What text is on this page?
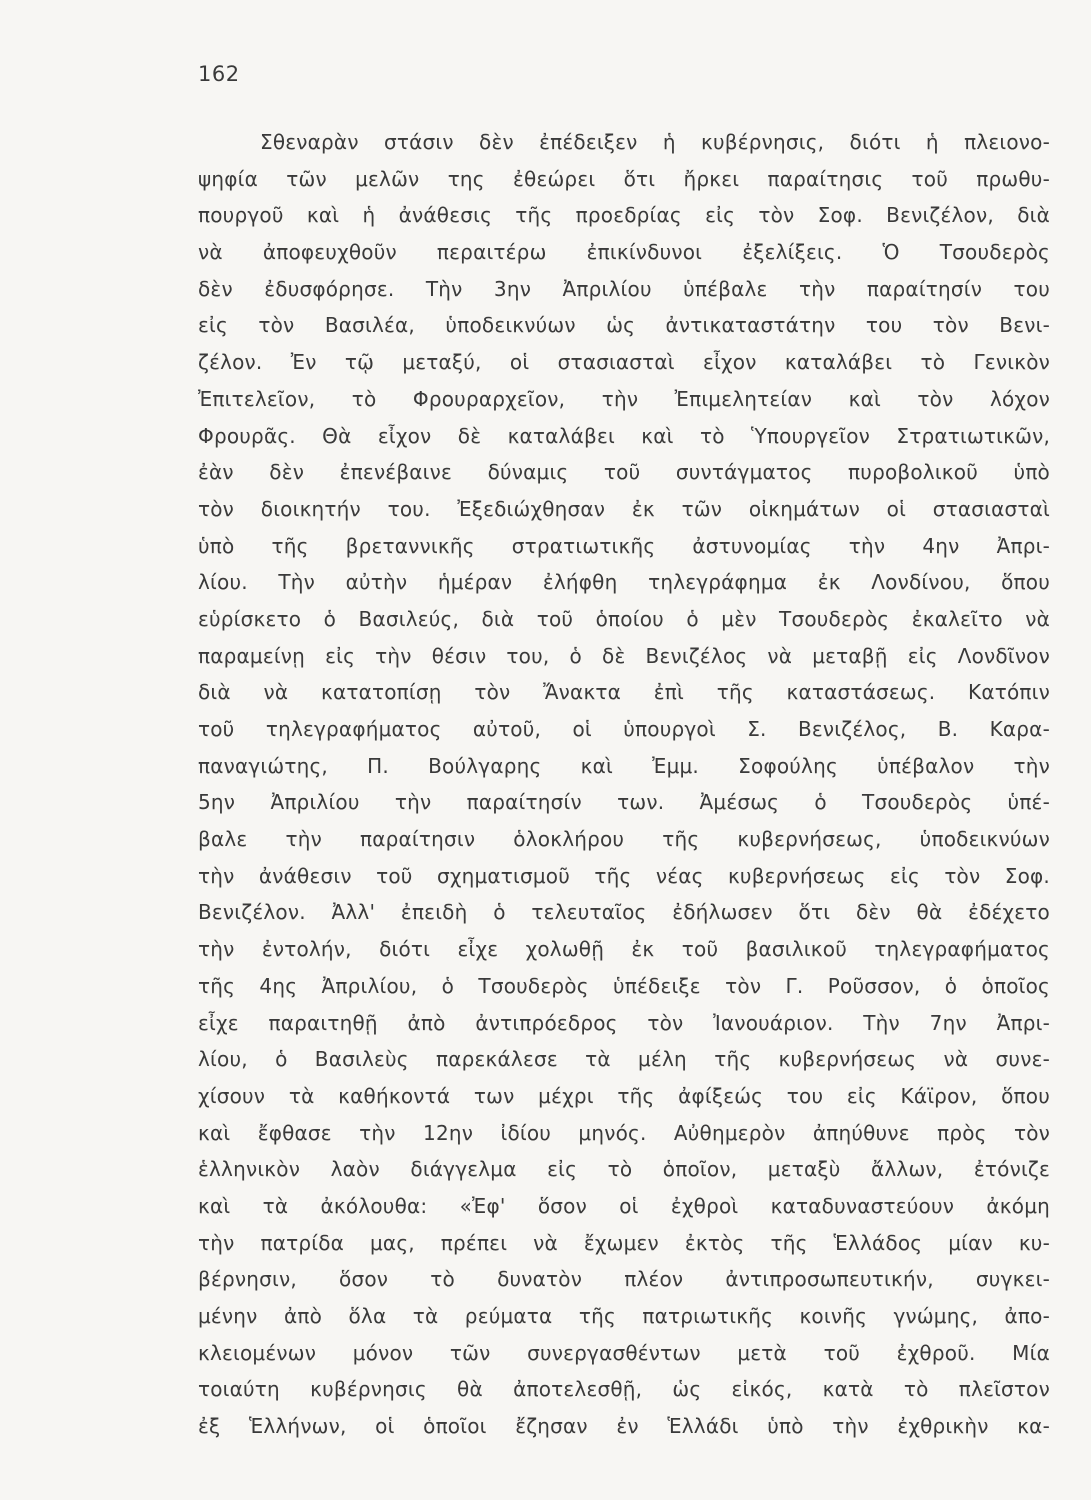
162
Σθεναρὰν στάσιν δὲν ἐπέδειξεν ἡ κυβέρνησις, διότι ἡ πλειονο-
ψηφία τῶν μελῶν της ἐθεώρει ὅτι ἤρκει παραίτησις τοῦ πρωθυ-
πουργοῦ καὶ ἡ ἀνάθεσις τῆς προεδρίας εἰς τὸν Σοφ. Βενιζέλον, διὰ
νὰ ἀποφευχθοῦν περαιτέρω ἐπικίνδυνοι ἐξελίξεις. Ὁ Τσουδερὸς
δὲν ἐδυσφόρησε. Τὴν 3ην Ἀπριλίου ὑπέβαλε τὴν παραίτησίν του
εἰς τὸν Βασιλέα, ὑποδεικνύων ὡς ἀντικαταστάτην του τὸν Βενι-
ζέλον. Ἐν τῷ μεταξύ, οἱ στασιασταὶ εἶχον καταλάβει τὸ Γενικὸν
Ἐπιτελεῖον, τὸ Φρουραρχεῖον, τὴν Ἐπιμελητείαν καὶ τὸν λόχον
Φρουρᾶς. Θὰ εἶχον δὲ καταλάβει καὶ τὸ Ὑπουργεῖον Στρατιωτικῶν,
ἐὰν δὲν ἐπενέβαινε δύναμις τοῦ συντάγματος πυροβολικοῦ ὑπὸ
τὸν διοικητήν του. Ἐξεδιώχθησαν ἐκ τῶν οἰκημάτων οἱ στασιασταὶ
ὑπὸ τῆς βρεταννικῆς στρατιωτικῆς ἀστυνομίας τὴν 4ην Ἀπρι-
λίου. Τὴν αὐτὴν ἡμέραν ἐλήφθη τηλεγράφημα ἐκ Λονδίνου, ὅπου
εὑρίσκετο ὁ Βασιλεύς, διὰ τοῦ ὁποίου ὁ μὲν Τσουδερὸς ἐκαλεῖτο νὰ
παραμείνῃ εἰς τὴν θέσιν του, ὁ δὲ Βενιζέλος νὰ μεταβῇ εἰς Λονδῖνον
διὰ νὰ κατατοπίσῃ τὸν Ἄνακτα ἐπὶ τῆς καταστάσεως. Κατόπιν
τοῦ τηλεγραφήματος αὐτοῦ, οἱ ὑπουργοὶ Σ. Βενιζέλος, Β. Καρα-
παναγιώτης, Π. Βούλγαρης καὶ Ἐμμ. Σοφούλης ὑπέβαλον τὴν
5ην Ἀπριλίου τὴν παραίτησίν των. Ἀμέσως ὁ Τσουδερὸς ὑπέ-
βαλε τὴν παραίτησιν ὁλοκλήρου τῆς κυβερνήσεως, ὑποδεικνύων
τὴν ἀνάθεσιν τοῦ σχηματισμοῦ τῆς νέας κυβερνήσεως εἰς τὸν Σοφ.
Βενιζέλον. Ἀλλ' ἐπειδὴ ὁ τελευταῖος ἐδήλωσεν ὅτι δὲν θὰ ἐδέχετο
τὴν ἐντολήν, διότι εἶχε χολωθῇ ἐκ τοῦ βασιλικοῦ τηλεγραφήματος
τῆς 4ης Ἀπριλίου, ὁ Τσουδερὸς ὑπέδειξε τὸν Γ. Ροῦσσον, ὁ ὁποῖος
εἶχε παραιτηθῇ ἀπὸ ἀντιπρόεδρος τὸν Ἰανουάριον. Τὴν 7ην Ἀπρι-
λίου, ὁ Βασιλεὺς παρεκάλεσε τὰ μέλη τῆς κυβερνήσεως νὰ συνε-
χίσουν τὰ καθήκοντά των μέχρι τῆς ἀφίξεώς του εἰς Κάϊρον, ὅπου
καὶ ἔφθασε τὴν 12ην ἰδίου μηνός. Αὐθημερὸν ἀπηύθυνε πρὸς τὸν
ἑλληνικὸν λαὸν διάγγελμα εἰς τὸ ὁποῖον, μεταξὺ ἄλλων, ἐτόνιζε
καὶ τὰ ἀκόλουθα: «Ἐφ' ὅσον οἱ ἐχθροὶ καταδυναστεύουν ἀκόμη
τὴν πατρίδα μας, πρέπει νὰ ἔχωμεν ἐκτὸς τῆς Ἑλλάδος μίαν κυ-
βέρνησιν, ὅσον τὸ δυνατὸν πλέον ἀντιπροσωπευτικήν, συγκει-
μένην ἀπὸ ὅλα τὰ ρεύματα τῆς πατριωτικῆς κοινῆς γνώμης, ἀπο-
κλειομένων μόνον τῶν συνεργασθέντων μετὰ τοῦ ἐχθροῦ. Μία
τοιαύτη κυβέρνησις θὰ ἀποτελεσθῇ, ὡς εἰκός, κατὰ τὸ πλεῖστον
ἐξ Ἑλλήνων, οἱ ὁποῖοι ἔζησαν ἐν Ἑλλάδι ὑπὸ τὴν ἐχθρικὴν κα-
